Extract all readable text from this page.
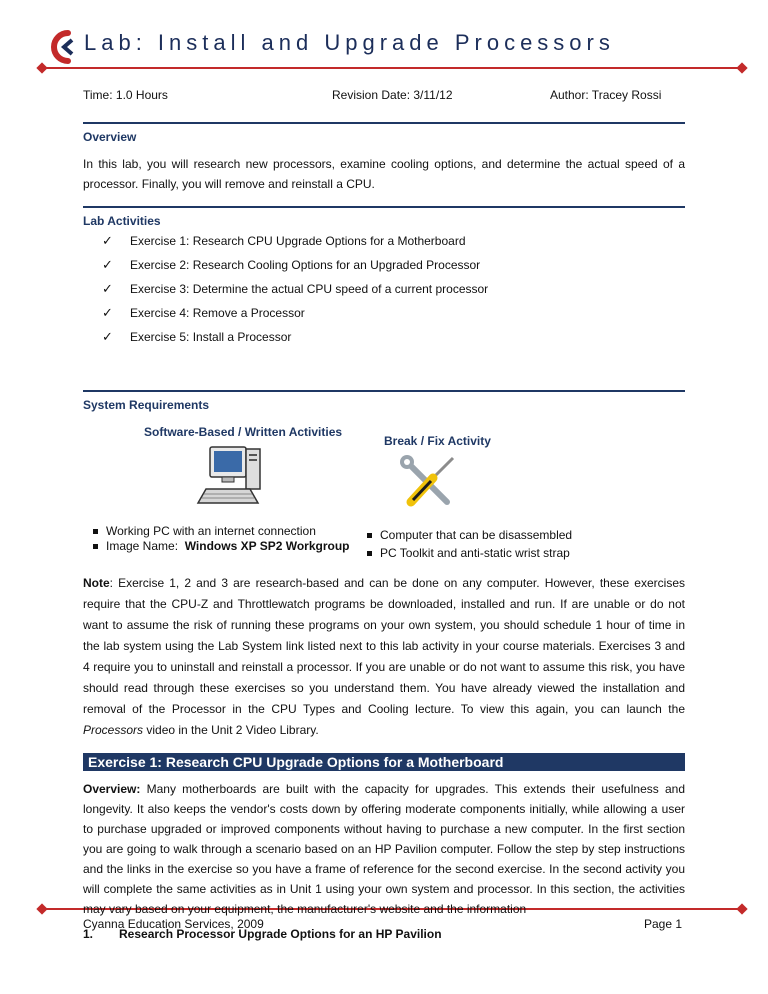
Lab: Install and Upgrade Processors
Time: 1.0 Hours	Revision Date: 3/11/12	Author: Tracey Rossi
Overview
In this lab, you will research new processors, examine cooling options, and determine the actual speed of a processor. Finally, you will remove and reinstall a CPU.
Lab Activities
✓ Exercise 1: Research CPU Upgrade Options for a Motherboard
✓ Exercise 2: Research Cooling Options for an Upgraded Processor
✓ Exercise 3: Determine the actual CPU speed of a current processor
✓ Exercise 4: Remove a Processor
✓ Exercise 5: Install a Processor
System Requirements
Software-Based / Written Activities
Break / Fix Activity
Working PC with an internet connection
Image Name: Windows XP SP2 Workgroup
Computer that can be disassembled
Exercise 1: Research CPU Upgrade Options for a Motherboard
Cyanna Education Services, 2009	Page 1
PC Toolkit and anti-static wrist strap
Note: Exercise 1, 2 and 3 are research-based and can be done on any computer. However, these exercises require that the CPU-Z and Throttlewatch programs be downloaded, installed and run. If are unable or do not want to assume the risk of running these programs on your own system, you should schedule 1 hour of time in the lab system using the Lab System link listed next to this lab activity in your course materials. Exercises 3 and 4 require you to uninstall and reinstall a processor. If you are unable or do not want to assume this risk, you have should read through these exercises so you understand them. You have already viewed the installation and removal of the Processor in the CPU Types and Cooling lecture. To view this again, you can launch the Processors video in the Unit 2 Video Library.
Overview: Many motherboards are built with the capacity for upgrades. This extends their usefulness and longevity. It also keeps the vendor's costs down by offering moderate components initially, while allowing a user to purchase upgraded or improved components without having to purchase a new computer. In the first section you are going to walk through a scenario based on an HP Pavilion computer. Follow the step by step instructions and the links in the exercise so you have a frame of reference for the second exercise. In the second activity you will complete the same activities as in Unit 1 using your own system and processor. In this section, the activities may vary based on your equipment, the manufacturer's website and the information
1. Research Processor Upgrade Options for an HP Pavilion
